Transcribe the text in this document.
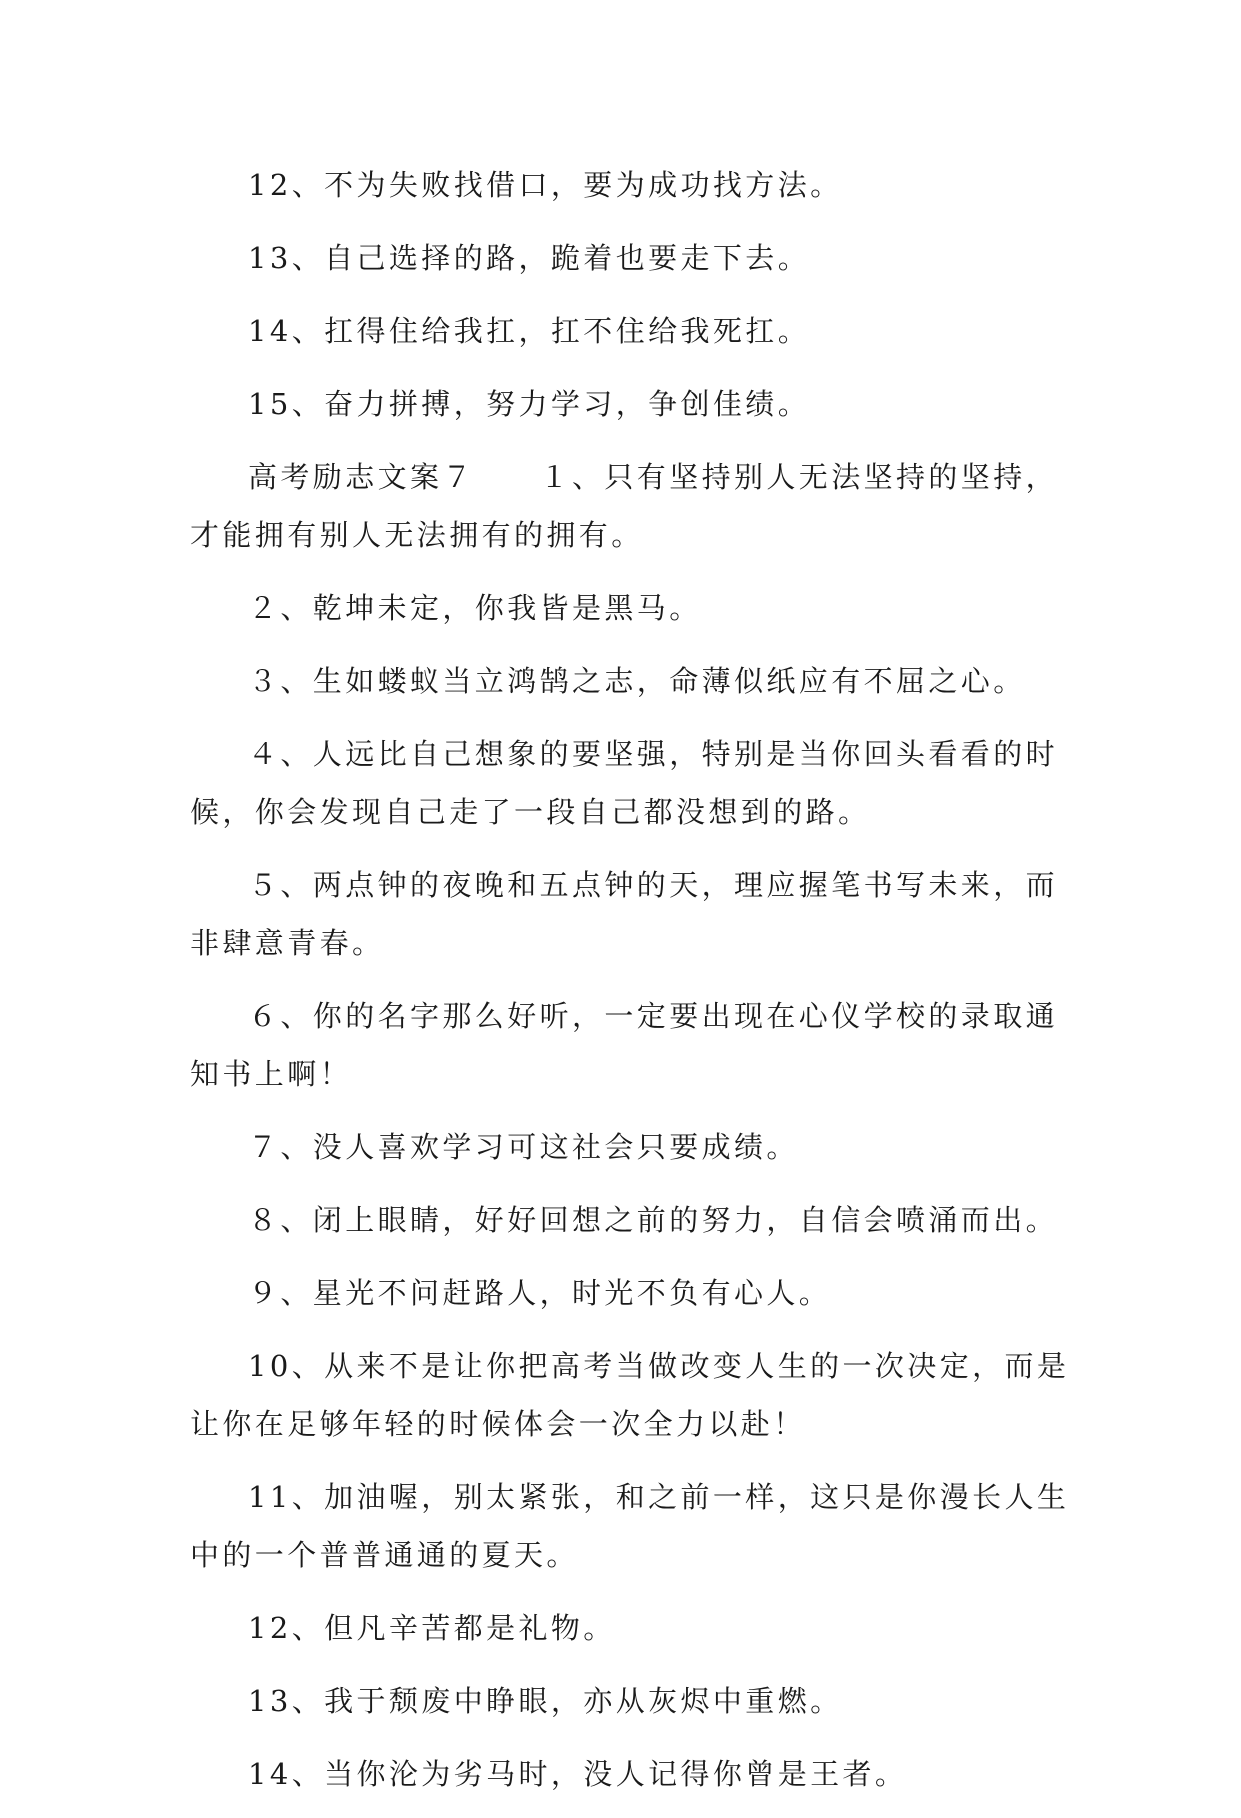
12、不为失败找借口，要为成功找方法。

13、自己选择的路，跪着也要走下去。

14、扛得住给我扛，扛不住给我死扛。

15、奋力拼搏，努力学习，争创佳绩。

高考励志文案７　　１、只有坚持别人无法坚持的坚持，才能拥有别人无法拥有的拥有。

２、乾坤未定，你我皆是黑马。

３、生如蝼蚁当立鸿鹄之志，命薄似纸应有不屈之心。

４、人远比自己想象的要坚强，特别是当你回头看看的时候，你会发现自己走了一段自己都没想到的路。

５、两点钟的夜晚和五点钟的天，理应握笔书写未来，而非肆意青春。

６、你的名字那么好听，一定要出现在心仪学校的录取通知书上啊！

７、没人喜欢学习可这社会只要成绩。

８、闭上眼睛，好好回想之前的努力，自信会喷涌而出。

９、星光不问赶路人，时光不负有心人。

10、从来不是让你把高考当做改变人生的一次决定，而是让你在足够年轻的时候体会一次全力以赴！

11、加油喔，别太紧张，和之前一样，这只是你漫长人生中的一个普普通通的夏天。

12、但凡辛苦都是礼物。

13、我于颓废中睁眼，亦从灰烬中重燃。

14、当你沦为劣马时，没人记得你曾是王者。
